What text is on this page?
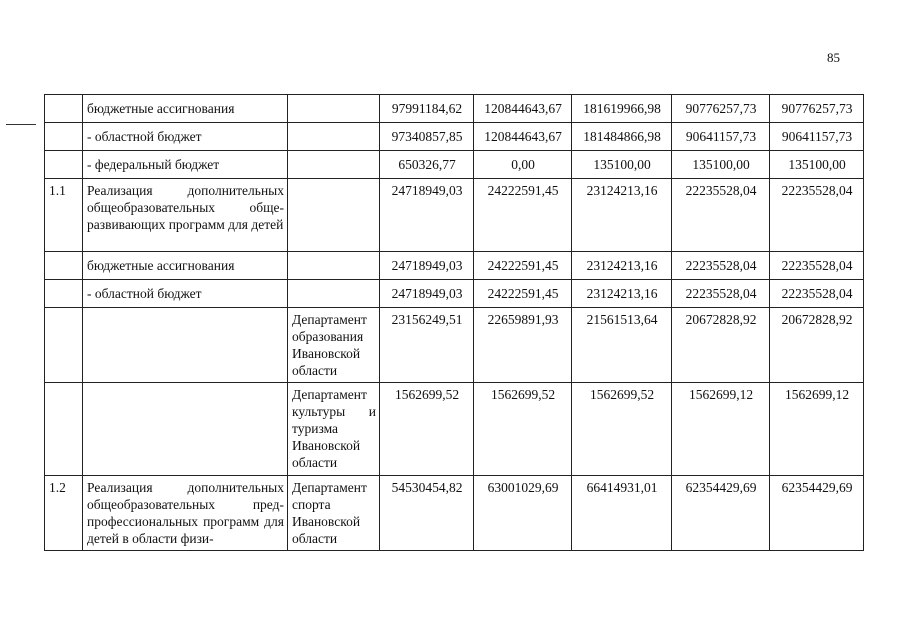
85
	бюджетные ассигнования		97991184,62	120844643,67	181619966,98	90776257,73	90776257,73
	- областной бюджет		97340857,85	120844643,67	181484866,98	90641157,73	90641157,73
	- федеральный бюджет		650326,77	0,00	135100,00	135100,00	135100,00
1.1	Реализация дополнительных общеобразовательных обще-развивающих программ для детей		24718949,03	24222591,45	23124213,16	22235528,04	22235528,04
	бюджетные ассигнования		24718949,03	24222591,45	23124213,16	22235528,04	22235528,04
	- областной бюджет		24718949,03	24222591,45	23124213,16	22235528,04	22235528,04
		Департамент образования Ивановской области	23156249,51	22659891,93	21561513,64	20672828,92	20672828,92
		Департамент культуры и туризма Ивановской области	1562699,52	1562699,52	1562699,52	1562699,12	1562699,12
1.2	Реализация дополнительных общеобразовательных пред-профессиональных программ для детей в области физи-	Департамент спорта Ивановской области	54530454,82	63001029,69	66414931,01	62354429,69	62354429,69
